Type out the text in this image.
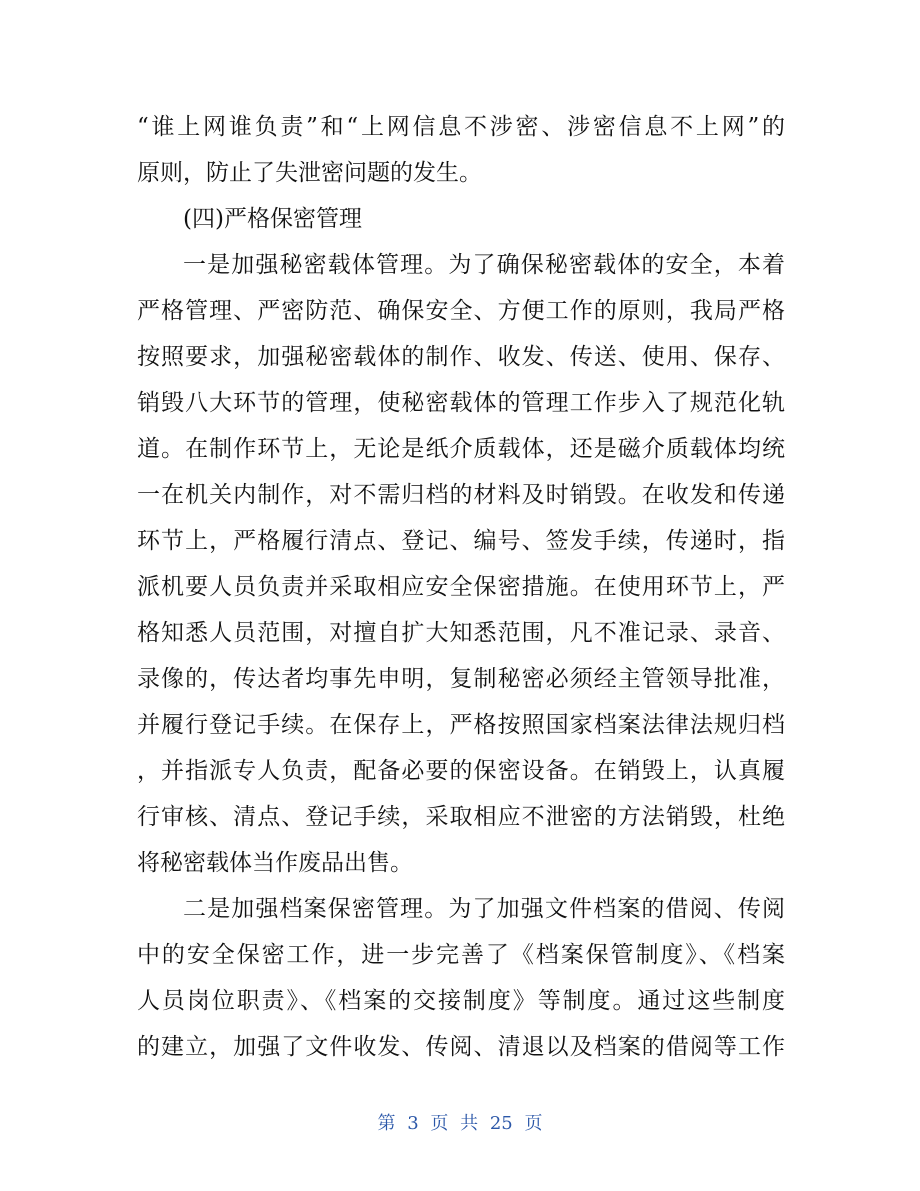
“谁上网谁负责”和“上网信息不涉密、涉密信息不上网”的
原则，防止了失泄密问题的发生。
(四)严格保密管理
一是加强秘密载体管理。为了确保秘密载体的安全，本着
严格管理、严密防范、确保安全、方便工作的原则，我局严格
按照要求，加强秘密载体的制作、收发、传送、使用、保存、
销毁八大环节的管理，使秘密载体的管理工作步入了规范化轨
道。在制作环节上，无论是纸介质载体，还是磁介质载体均统
一在机关内制作，对不需归档的材料及时销毁。在收发和传递
环节上，严格履行清点、登记、编号、签发手续，传递时，指
派机要人员负责并采取相应安全保密措施。在使用环节上，严
格知悉人员范围，对擅自扩大知悉范围，凡不准记录、录音、
录像的，传达者均事先申明，复制秘密必须经主管领导批准，
并履行登记手续。在保存上，严格按照国家档案法律法规归档
，并指派专人负责，配备必要的保密设备。在销毁上，认真履
行审核、清点、登记手续，采取相应不泄密的方法销毁，杜绝
将秘密载体当作废品出售。
二是加强档案保密管理。为了加强文件档案的借阅、传阅
中的安全保密工作，进一步完善了《档案保管制度》、《档案
人员岗位职责》、《档案的交接制度》等制度。通过这些制度
的建立，加强了文件收发、传阅、清退以及档案的借阅等工作
第 3 页 共 25 页
